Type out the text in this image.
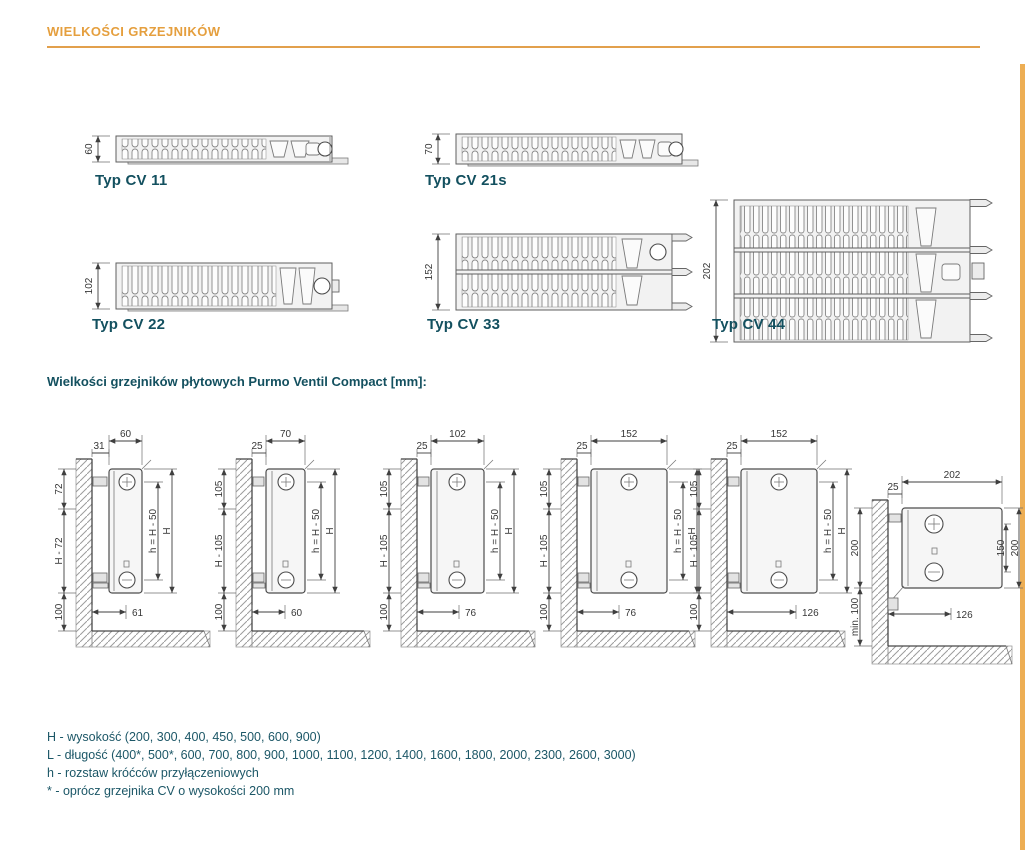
WIELKOŚCI GRZEJNIKÓW
60
Typ CV 11
70
Typ CV 21s
102
Typ CV 22
152
Typ CV 33
202
Typ CV 44
Wielkości grzejników płytowych Purmo Ventil Compact [mm]:
60
31
72
H - 72
100
h = H - 50 H
61
70
25
105
H - 105
100
h = H - 50 H
60
102
25
105
H - 105
100
h = H - 50 H
76
152
25
105
H - 105
100
h = H - 50 H
76
152
25
105
H - 105
100
h = H - 50 H
126
202
25
200
min. 100
150 200
126
H - wysokość (200, 300, 400, 450, 500, 600, 900)
L - długość (400*, 500*, 600, 700, 800, 900, 1000, 1100, 1200, 1400, 1600, 1800, 2000, 2300, 2600, 3000)
h - rozstaw króćców przyłączeniowych
* - oprócz grzejnika CV o wysokości 200 mm
